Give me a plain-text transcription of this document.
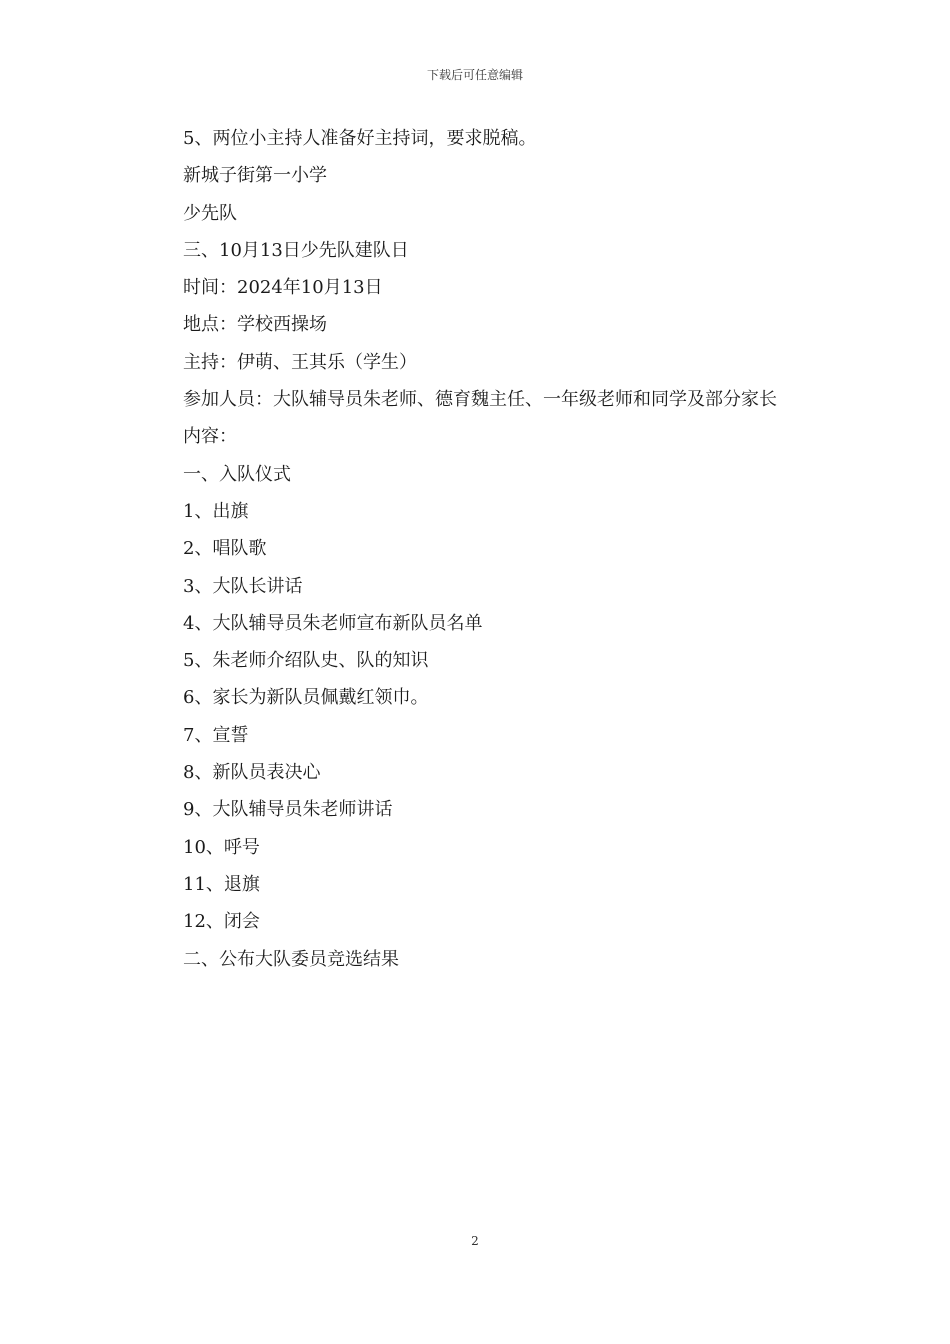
下载后可任意编辑
5、两位小主持人准备好主持词，要求脱稿。
新城子街第一小学
少先队
三、10月13日少先队建队日
时间：2024年10月13日
地点：学校西操场
主持：伊萌、王其乐（学生）
参加人员：大队辅导员朱老师、德育魏主任、一年级老师和同学及部分家长
内容：
一、入队仪式
1、出旗
2、唱队歌
3、大队长讲话
4、大队辅导员朱老师宣布新队员名单
5、朱老师介绍队史、队的知识
6、家长为新队员佩戴红领巾。
7、宣誓
8、新队员表决心
9、大队辅导员朱老师讲话
10、呼号
11、退旗
12、闭会
二、公布大队委员竞选结果
2
